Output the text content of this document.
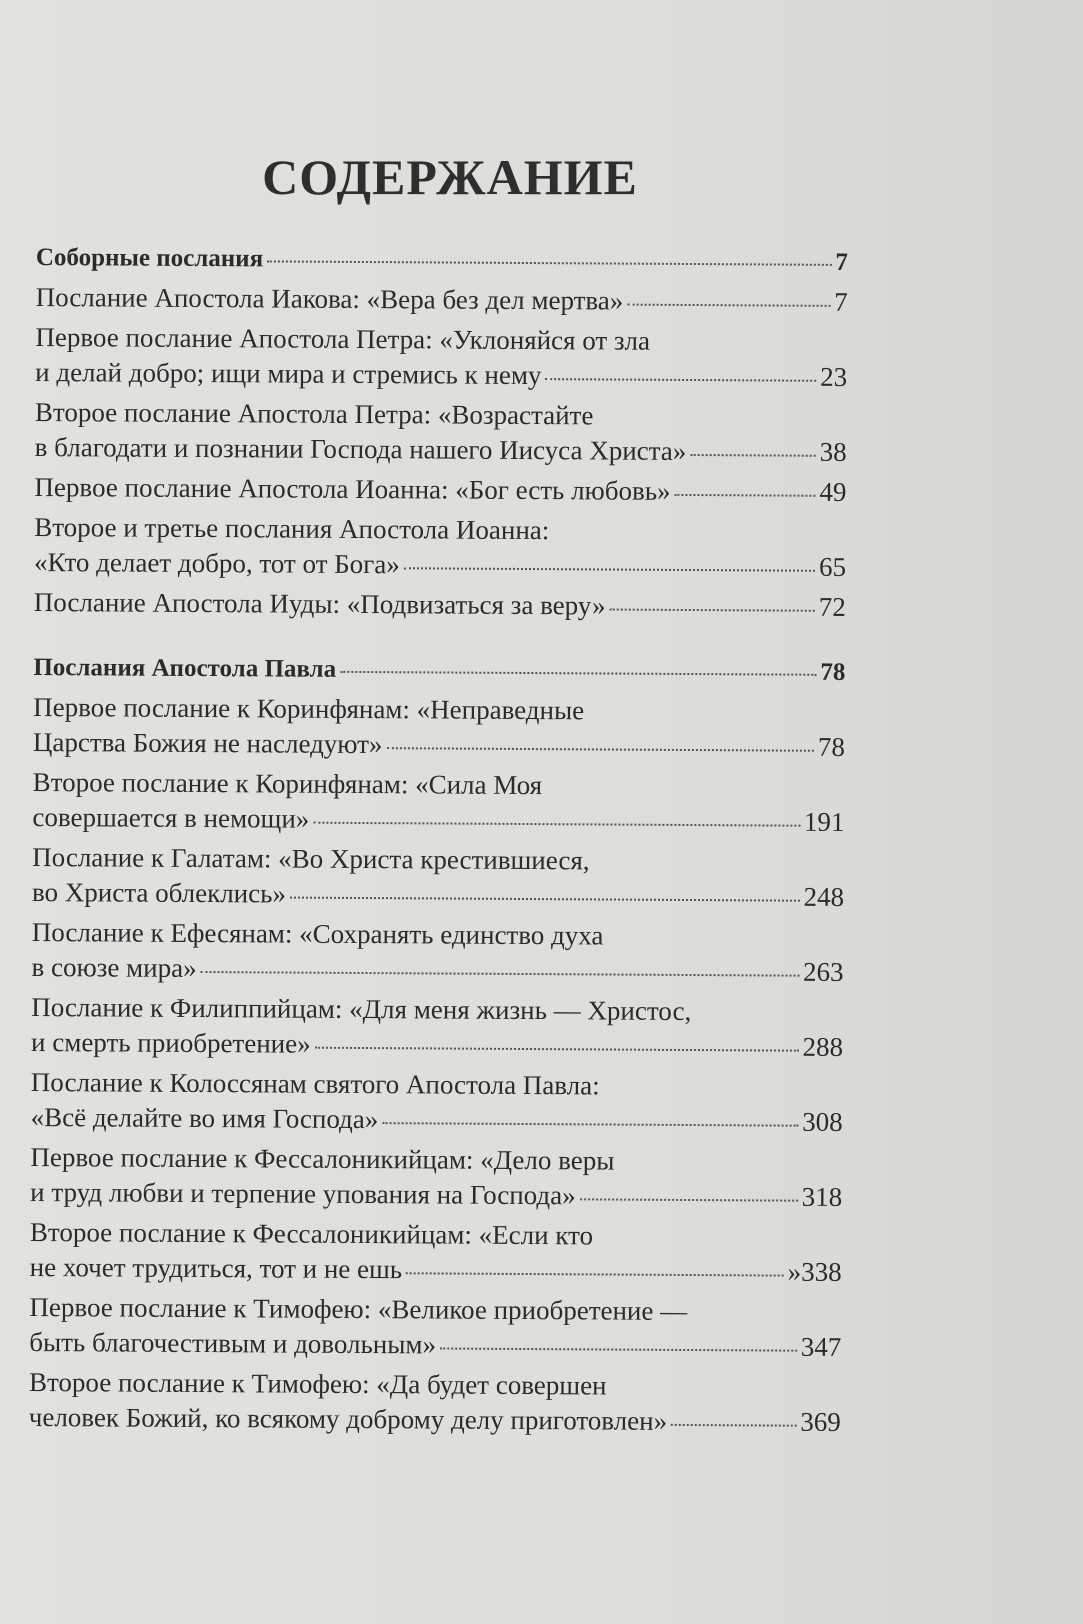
СОДЕРЖАНИЕ
Соборные послания	7
Послание Апостола Иакова: «Вера без дел мертва»	7
Первое послание Апостола Петра: «Уклоняйся от зла
и делай добро; ищи мира и стремись к нему	23
Второе послание Апостола Петра: «Возрастайте
в благодати и познании Господа нашего Иисуса Христа»	38
Первое послание Апостола Иоанна: «Бог есть любовь»	49
Второе и третье послания Апостола Иоанна:
«Кто делает добро, тот от Бога»	65
Послание Апостола Иуды: «Подвизаться за веру»	72
Послания Апостола Павла	78
Первое послание к Коринфянам: «Неправедные
Царства Божия не наследуют»	78
Второе послание к Коринфянам: «Сила Моя
совершается в немощи»	191
Послание к Галатам: «Во Христа крестившиеся,
во Христа облеклись»	248
Послание к Ефесянам: «Сохранять единство духа
в союзе мира»	263
Послание к Филиппийцам: «Для меня жизнь — Христос,
и смерть приобретение»	288
Послание к Колоссянам святого Апостола Павла:
«Всё делайте во имя Господа»	308
Первое послание к Фессалоникийцам: «Дело веры
и труд любви и терпение упования на Господа»	318
Второе послание к Фессалоникийцам: «Если кто
не хочет трудиться, тот и не ешь	»338
Первое послание к Тимофею: «Великое приобретение —
быть благочестивым и довольным»	347
Второе послание к Тимофею: «Да будет совершен
человек Божий, ко всякому доброму делу приготовлен»	369
